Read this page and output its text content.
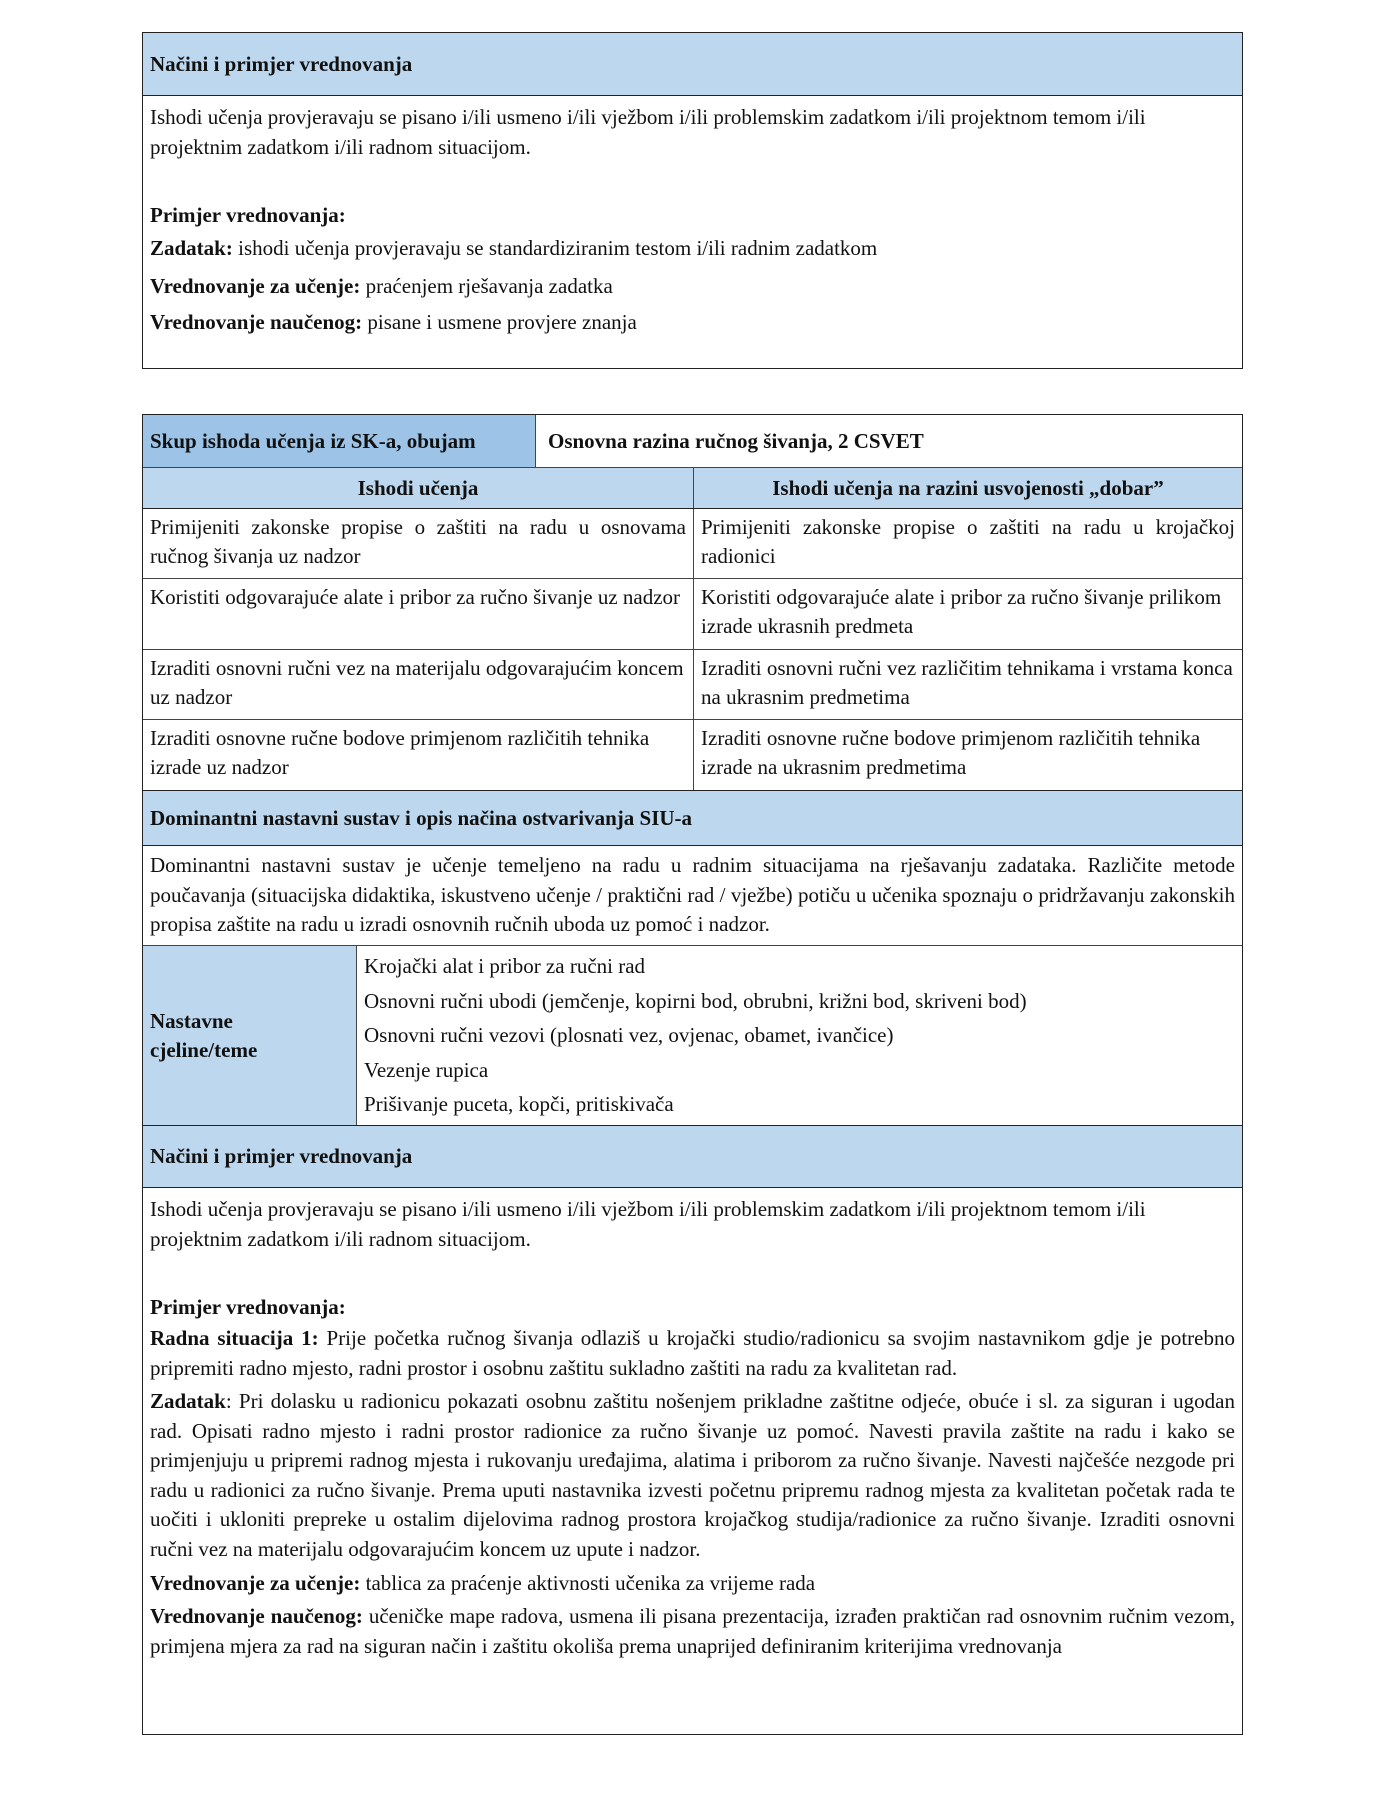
Načini i primjer vrednovanja

Ishodi učenja provjeravaju se pisano i/ili usmeno i/ili vježbom i/ili problemskim zadatkom i/ili projektnom temom i/ili projektnim zadatkom i/ili radnom situacijom.

Primjer vrednovanja:

Zadatak: ishodi učenja provjeravaju se standardiziranim testom i/ili radnim zadatkom

Vrednovanje za učenje: praćenjem rješavanja zadatka

Vrednovanje naučenog: pisane i usmene provjere znanja

Skup ishoda učenja iz SK-a, obujam	Osnovna razina ručnog šivanja, 2 CSVET
Ishodi učenja	Ishodi učenja na razini usvojenosti „dobar”
Primijeniti zakonske propise o zaštiti na radu u osnovama ručnog šivanja uz nadzor
Primijeniti zakonske propise o zaštiti na radu u krojačkoj radionici
Koristiti odgovarajuće alate i pribor za ručno šivanje uz nadzor Koristiti odgovarajuće alate i pribor za ručno šivanje prilikom izrade ukrasnih predmeta
Izraditi osnovni ručni vez na materijalu odgovarajućim koncem uz nadzor
Izraditi osnovni ručni vez različitim tehnikama i vrstama konca na ukrasnim predmetima
Izraditi osnovne ručne bodove primjenom različitih tehnika izrade uz nadzor
Izraditi osnovne ručne bodove primjenom različitih tehnika izrade na ukrasnim predmetima
Dominantni nastavni sustav i opis načina ostvarivanja SIU-a

Dominantni nastavni sustav je učenje temeljeno na radu u radnim situacijama na rješavanju zadataka. Različite metode poučavanja (situacijska didaktika, iskustveno učenje / praktični rad / vježbe) potiču u učenika spoznaju o pridržavanju zakonskih propisa zaštite na radu u izradi osnovnih ručnih uboda uz pomoć i nadzor.

Nastavne cjeline/teme
Krojački alat i pribor za ručni rad
Osnovni ručni ubodi (jemčenje, kopirni bod, obrubni, križni bod, skriveni bod)
Osnovni ručni vezovi (plosnati vez, ovjenac, obamet, ivančice)
Vezenje rupica
Prišivanje puceta, kopči, pritiskivača
Načini i primjer vrednovanja

Ishodi učenja provjeravaju se pisano i/ili usmeno i/ili vježbom i/ili problemskim zadatkom i/ili projektnom temom i/ili projektnim zadatkom i/ili radnom situacijom.

Primjer vrednovanja:

Radna situacija 1: Prije početka ručnog šivanja odlaziš u krojački studio/radionicu sa svojim nastavnikom gdje je potrebno pripremiti radno mjesto, radni prostor i osobnu zaštitu sukladno zaštiti na radu za kvalitetan rad.

Zadatak: Pri dolasku u radionicu pokazati osobnu zaštitu nošenjem prikladne zaštitne odjeće, obuće i sl. za siguran i ugodan rad. Opisati radno mjesto i radni prostor radionice za ručno šivanje uz pomoć. Navesti pravila zaštite na radu i kako se primjenjuju u pripremi radnog mjesta i rukovanju uređajima, alatima i priborom za ručno šivanje. Navesti najčešće nezgode pri radu u radionici za ručno šivanje. Prema uputi nastavnika izvesti početnu pripremu radnog mjesta za kvalitetan početak rada te uočiti i ukloniti prepreke u ostalim dijelovima radnog prostora krojačkog studija/radionice za ručno šivanje. Izraditi osnovni ručni vez na materijalu odgovarajućim koncem uz upute i nadzor.

Vrednovanje za učenje: tablica za praćenje aktivnosti učenika za vrijeme rada

Vrednovanje naučenog: učeničke mape radova, usmena ili pisana prezentacija, izrađen praktičan rad osnovnim ručnim vezom, primjena mjera za rad na siguran način i zaštitu okoliša prema unaprijed definiranim kriterijima vrednovanja
